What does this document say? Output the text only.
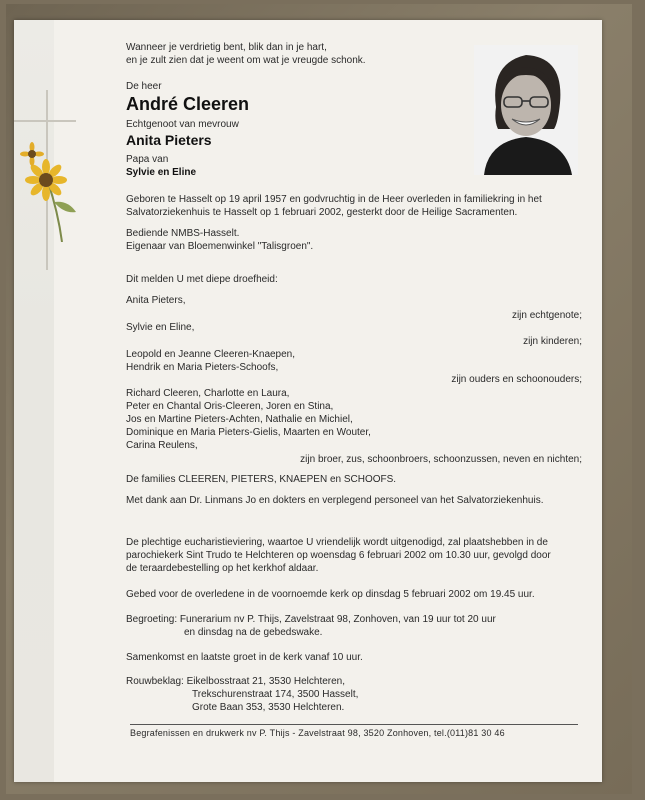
Wanneer je verdrietig bent, blik dan in je hart,
en je zult zien dat je weent om wat je vreugde schonk.
De heer
André Cleeren
Echtgenoot van mevrouw
Anita Pieters
Papa van
Sylvie en Eline
Geboren te Hasselt op 19 april 1957 en godvruchtig in de Heer overleden in familiekring in het
Salvatorziekenhuis te Hasselt op 1 februari 2002, gesterkt door de Heilige Sacramenten.
Bediende NMBS-Hasselt.
Eigenaar van Bloemenwinkel "Talisgroen".
Dit melden U met diepe droefheid:
Anita Pieters,
zijn echtgenote;
Sylvie en Eline,
zijn kinderen;
Leopold en Jeanne Cleeren-Knaepen,
Hendrik en Maria Pieters-Schoofs,
zijn ouders en schoonouders;
Richard Cleeren, Charlotte en Laura,
Peter en Chantal Oris-Cleeren, Joren en Stina,
Jos en Martine Pieters-Achten, Nathalie en Michiel,
Dominique en Maria Pieters-Gielis, Maarten en Wouter,
Carina Reulens,
zijn broer, zus, schoonbroers, schoonzussen, neven en nichten;
De families CLEEREN, PIETERS, KNAEPEN en SCHOOFS.
Met dank aan Dr. Linmans Jo en dokters en verplegend personeel van het Salvatorziekenhuis.
De plechtige eucharistieviering, waartoe U vriendelijk wordt uitgenodigd, zal plaatshebben in de
parochiekerk Sint Trudo te Helchteren op woensdag 6 februari 2002 om 10.30 uur, gevolgd door
de teraardebestelling op het kerkhof aldaar.
Gebed voor de overledene in de voornoemde kerk op dinsdag 5 februari 2002 om 19.45 uur.
Begroeting: Funerarium nv P. Thijs, Zavelstraat 98, Zonhoven, van 19 uur tot 20 uur
en dinsdag na de gebedswake.
Samenkomst en laatste groet in de kerk vanaf 10 uur.
Rouwbeklag: Eikelbosstraat 21, 3530 Helchteren,
Trekschurenstraat 174, 3500 Hasselt,
Grote Baan 353, 3530 Helchteren.
Begrafenissen en drukwerk nv P. Thijs - Zavelstraat 98, 3520 Zonhoven, tel.(011)81 30 46
